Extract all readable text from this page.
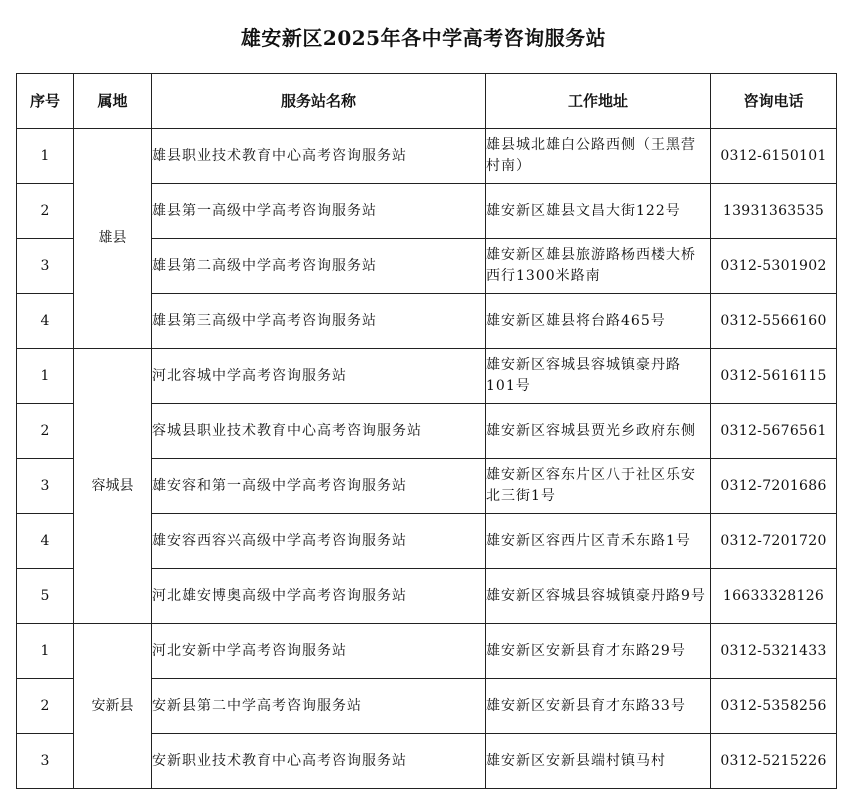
雄安新区2025年各中学高考咨询服务站
序号	属地	服务站名称	工作地址	咨询电话
1	雄县	雄县职业技术教育中心高考咨询服务站	雄县城北雄白公路西侧（王黑营村南）	0312-6150101
2		雄县第一高级中学高考咨询服务站	雄安新区雄县文昌大街122号	13931363535
3		雄县第二高级中学高考咨询服务站	雄安新区雄县旅游路杨西楼大桥西行1300米路南	0312-5301902
4		雄县第三高级中学高考咨询服务站	雄安新区雄县将台路465号	0312-5566160
1	容城县	河北容城中学高考咨询服务站	雄安新区容城县容城镇豪丹路101号	0312-5616115
2		容城县职业技术教育中心高考咨询服务站	雄安新区容城县贾光乡政府东侧	0312-5676561
3		雄安容和第一高级中学高考咨询服务站	雄安新区容东片区八于社区乐安北三街1号	0312-7201686
4		雄安容西容兴高级中学高考咨询服务站	雄安新区容西片区青禾东路1号	0312-7201720
5		河北雄安博奥高级中学高考咨询服务站	雄安新区容城县容城镇豪丹路9号	16633328126
1	安新县	河北安新中学高考咨询服务站	雄安新区安新县育才东路29号	0312-5321433
2		安新县第二中学高考咨询服务站	雄安新区安新县育才东路33号	0312-5358256
3		安新职业技术教育中心高考咨询服务站	雄安新区安新县端村镇马村	0312-5215226
